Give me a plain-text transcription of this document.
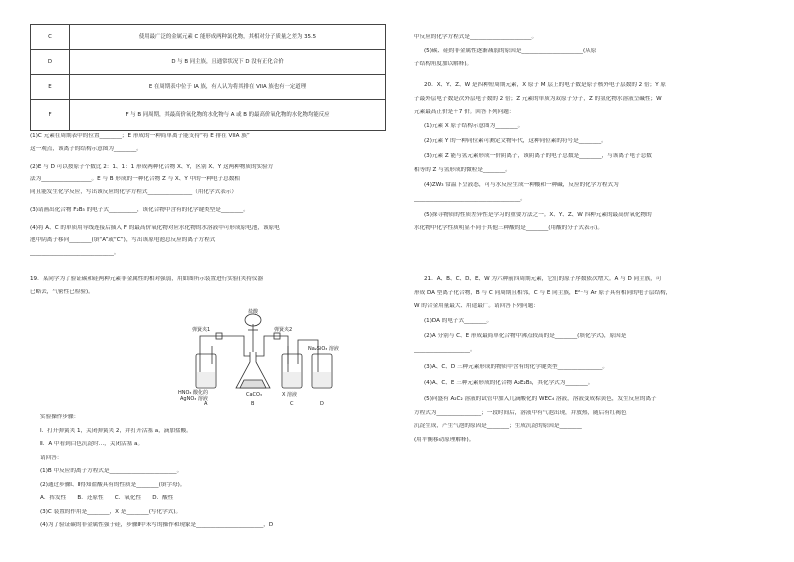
C	使用最广泛的金属元素 C 能形成两种氯化物，其相对分子质量之差为 35.5
D	D 与 B 同主族，且通常状况下 D 没有正化合价
E	E 在周期表中位于 IA 族，有人认为将其排在 VIIA 族也有一定道理
F	F 与 B 同周期，其最高价氧化物的水化物与 A 或 B 的最高价氧化物的水化物均能反应
(1)C 元素在周期表中的位置________；E 形成的一种简单离子能支持“将 E 排在 VIIA 族”
这一观点，该离子的结构示意图为________。
(2)E 与 D 可以按原子个数比 2：1、1：1 形成两种化合物 X、Y，区别 X、Y 这两种物质的实验方
法为__________________。E 与 B 形成的一种化合物 Z 与 X、Y 中的一种电子总数相
同且能发生化学反应，写出该反应的化学方程式________________（用化学式表示）
(3)请画出化合物 F₂B₃ 的电子式__________，该化合物中含有的化学键类型是________。
(4)将 A、C 的单质用导线连接后插入 F 的最高价氧化物对应水化物的水溶液中可形成原电池，该原电
池中阴离子移向________(填“A”或“C”)，写出该原电池总反应的离子方程式
______________________________。
19．某同学为了验证碳和硅两种元素非金属性的相对强弱，用如图所示装置进行实验(夹持仪器
已略去，气密性已检验)。
盐酸
弹簧夹1	弹簧夹2
HNO₃ 酸化的
AgNO₃ 溶液
CaCO₃	X 溶液
Na₂SiO₃ 溶液
A	B	C	D
实验操作步骤：
Ⅰ．打开弹簧夹 1，关闭弹簧夹 2，并打开活塞 a，滴加盐酸。
Ⅱ．A 中看到白色沉淀时…，关闭活塞 a。
请回答：
(1)B 中反应的离子方程式是________________________。
(2)通过步骤Ⅰ、Ⅱ得知盐酸具有的性质是________(填字母)。
A．挥发性　　B．还原性　　C．氧化性　　D．酸性
(3)C 装置的作用是________，X 是________(写化学式)。
(4)为了验证碳的非金属性强于硅，步骤Ⅱ中未写的操作和现象是________________________，D
中反应的化学方程式是______________________。
(5)碳、硅的非金属性逐渐减弱的原因是______________________(从原
子结构角度加以解释)。
20．X、Y、Z、W 是四种短周期元素，X 原子 M 层上的电子数是原子核外电子层数的 2 倍；Y 原
子最外层电子数是次外层电子数的 2 倍；Z 元素的单质为双原子分子，Z 的氢化物水溶液呈碱性；W
元素最高正价是＋7 价。回答下列问题：
(1)元素 X 原子结构示意图为________。
(2)元素 Y 的一种同位素可测定文物年代，这种同位素的符号是________。
(3)元素 Z 能与氢元素形成一价阴离子，该阴离子的电子总数是________，与该离子电子总数
相等的 Z 与氢形成的微粒是________。
(4)ZW₃ 常温下呈液态，可与水反应生成一种酸和一种碱，反应的化学方程式为
______________________________________。
(5)探寻物质的性质差异性是学习的重要方法之一。X、Y、Z、W 四种元素的最高价氧化物的
水化物中化学性质明显不同于其他三种酸的是________(用酸的分子式表示)。
21．A、B、C、D、E、W 为六种前四周期元素，它们的原子序数依次增大。A 与 D 同主族，可
形成 DA 型离子化合物，B 与 C 同周期且相邻，C 与 E 同主族，E²⁻与 Ar 原子具有相同的电子层结构，
W 的合金用量最大、用途最广。请回答下列问题：
(1)DA 的电子式________。
(2)A 分别与 C、E 形成最简单化合物中沸点较高的是________(填化学式)，原因是
____________________。
(3)A、C、D 三种元素形成的物质中含有的化学键类型________________。
(4)A、C、E 三种元素形成的化合物 A₂E₂B₃，其化学式为________。
(5)向盛有 A₂C₂ 溶液的试管中加入几滴酸化的 WEC₄ 溶液，溶液变成棕黄色，发生反应的离子
方程式为________________；一段时间后，溶液中有气泡出现，并放热，随后有红褐色
沉淀生成，产生气泡的原因是________；生成沉淀的原因是________
(用平衡移动原理解释)。
